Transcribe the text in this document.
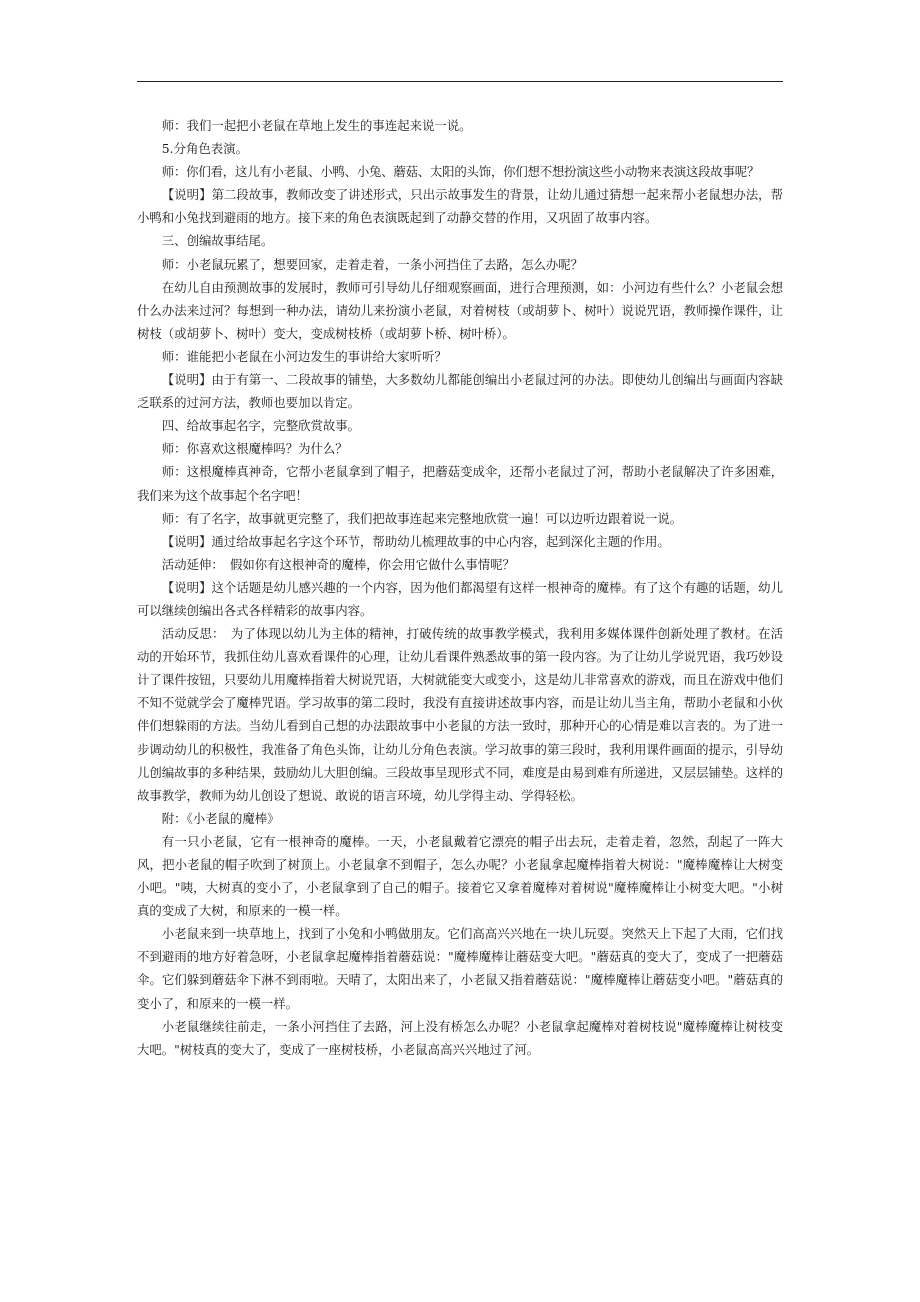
师：我们一起把小老鼠在草地上发生的事连起来说一说。

5.分角色表演。

师：你们看，这儿有小老鼠、小鸭、小兔、蘑菇、太阳的头饰，你们想不想扮演这些小动物来表演这段故事呢？

【说明】第二段故事，教师改变了讲述形式，只出示故事发生的背景，让幼儿通过猜想一起来帮小老鼠想办法，帮小鸭和小兔找到避雨的地方。接下来的角色表演既起到了动静交替的作用，又巩固了故事内容。

三、创编故事结尾。

师：小老鼠玩累了，想要回家，走着走着，一条小河挡住了去路，怎么办呢？

在幼儿自由预测故事的发展时，教师可引导幼儿仔细观察画面，进行合理预测，如：小河边有些什么？小老鼠会想什么办法来过河？每想到一种办法，请幼儿来扮演小老鼠，对着树枝（或胡萝卜、树叶）说说咒语，教师操作课件，让树枝（或胡萝卜、树叶）变大，变成树枝桥（或胡萝卜桥、树叶桥）。

师：谁能把小老鼠在小河边发生的事讲给大家听听？

【说明】由于有第一、二段故事的铺垫，大多数幼儿都能创编出小老鼠过河的办法。即使幼儿创编出与画面内容缺乏联系的过河方法，教师也要加以肯定。

四、给故事起名字，完整欣赏故事。

师：你喜欢这根魔棒吗？为什么？

师：这根魔棒真神奇，它帮小老鼠拿到了帽子，把蘑菇变成伞，还帮小老鼠过了河，帮助小老鼠解决了许多困难，我们来为这个故事起个名字吧！

师：有了名字，故事就更完整了，我们把故事连起来完整地欣赏一遍！可以边听边跟着说一说。

【说明】通过给故事起名字这个环节，帮助幼儿梳理故事的中心内容，起到深化主题的作用。

活动延伸：　假如你有这根神奇的魔棒，你会用它做什么事情呢？

【说明】这个话题是幼儿感兴趣的一个内容，因为他们都渴望有这样一根神奇的魔棒。有了这个有趣的话题，幼儿可以继续创编出各式各样精彩的故事内容。

活动反思：　为了体现以幼儿为主体的精神，打破传统的故事教学模式，我利用多媒体课件创新处理了教材。在活动的开始环节，我抓住幼儿喜欢看课件的心理，让幼儿看课件熟悉故事的第一段内容。为了让幼儿学说咒语，我巧妙设计了课件按钮，只要幼儿用魔棒指着大树说咒语，大树就能变大或变小，这是幼儿非常喜欢的游戏，而且在游戏中他们不知不觉就学会了魔棒咒语。学习故事的第二段时，我没有直接讲述故事内容，而是让幼儿当主角，帮助小老鼠和小伙伴们想躲雨的方法。当幼儿看到自己想的办法跟故事中小老鼠的方法一致时，那种开心的心情是难以言表的。为了进一步调动幼儿的积极性，我准备了角色头饰，让幼儿分角色表演。学习故事的第三段时，我利用课件画面的提示，引导幼儿创编故事的多种结果，鼓励幼儿大胆创编。三段故事呈现形式不同，难度是由易到难有所递进，又层层铺垫。这样的故事教学，教师为幼儿创设了想说、敢说的语言环境，幼儿学得主动、学得轻松。

附：《小老鼠的魔棒》

有一只小老鼠，它有一根神奇的魔棒。一天，小老鼠戴着它漂亮的帽子出去玩，走着走着，忽然，刮起了一阵大风，把小老鼠的帽子吹到了树顶上。小老鼠拿不到帽子，怎么办呢？小老鼠拿起魔棒指着大树说："魔棒魔棒让大树变小吧。"咦，大树真的变小了，小老鼠拿到了自己的帽子。接着它又拿着魔棒对着树说"魔棒魔棒让小树变大吧。"小树真的变成了大树，和原来的一模一样。

小老鼠来到一块草地上，找到了小兔和小鸭做朋友。它们高高兴兴地在一块儿玩耍。突然天上下起了大雨，它们找不到避雨的地方好着急呀，小老鼠拿起魔棒指着蘑菇说："魔棒魔棒让蘑菇变大吧。"蘑菇真的变大了，变成了一把蘑菇伞。它们躲到蘑菇伞下淋不到雨啦。天晴了，太阳出来了，小老鼠又指着蘑菇说："魔棒魔棒让蘑菇变小吧。"蘑菇真的变小了，和原来的一模一样。

小老鼠继续往前走，一条小河挡住了去路，河上没有桥怎么办呢？小老鼠拿起魔棒对着树枝说"魔棒魔棒让树枝变大吧。"树枝真的变大了，变成了一座树枝桥，小老鼠高高兴兴地过了河。
